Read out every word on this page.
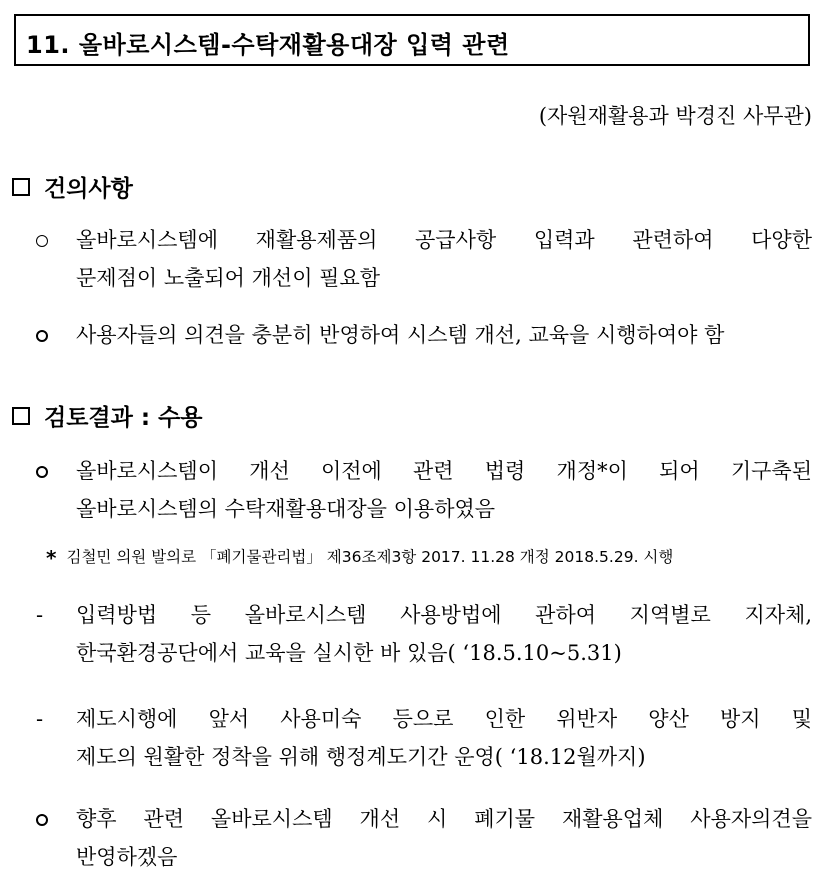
11. 올바로시스템-수탁재활용대장 입력 관련
(자원재활용과 박경진 사무관)
건의사항
올바로시스템에 재활용제품의 공급사항 입력과 관련하여 다양한
문제점이 노출되어 개선이 필요함
사용자들의 의견을 충분히 반영하여 시스템 개선, 교육을 시행하여야 함
검토결과 : 수용
올바로시스템이 개선 이전에 관련 법령 개정*이 되어 기구축된
올바로시스템의 수탁재활용대장을 이용하였음
* 김철민 의원 발의로 「폐기물관리법」 제36조제3항 2017. 11.28 개정 2018.5.29. 시행
-	입력방법 등 올바로시스템 사용방법에 관하여 지역별로 지자체,
한국환경공단에서 교육을 실시한 바 있음( ‘18.5.10~5.31)
-	제도시행에 앞서 사용미숙 등으로 인한 위반자 양산 방지 및
제도의 원활한 정착을 위해 행정계도기간 운영( ‘18.12월까지)
향후 관련 올바로시스템 개선 시 폐기물 재활용업체 사용자의견을
반영하겠음
